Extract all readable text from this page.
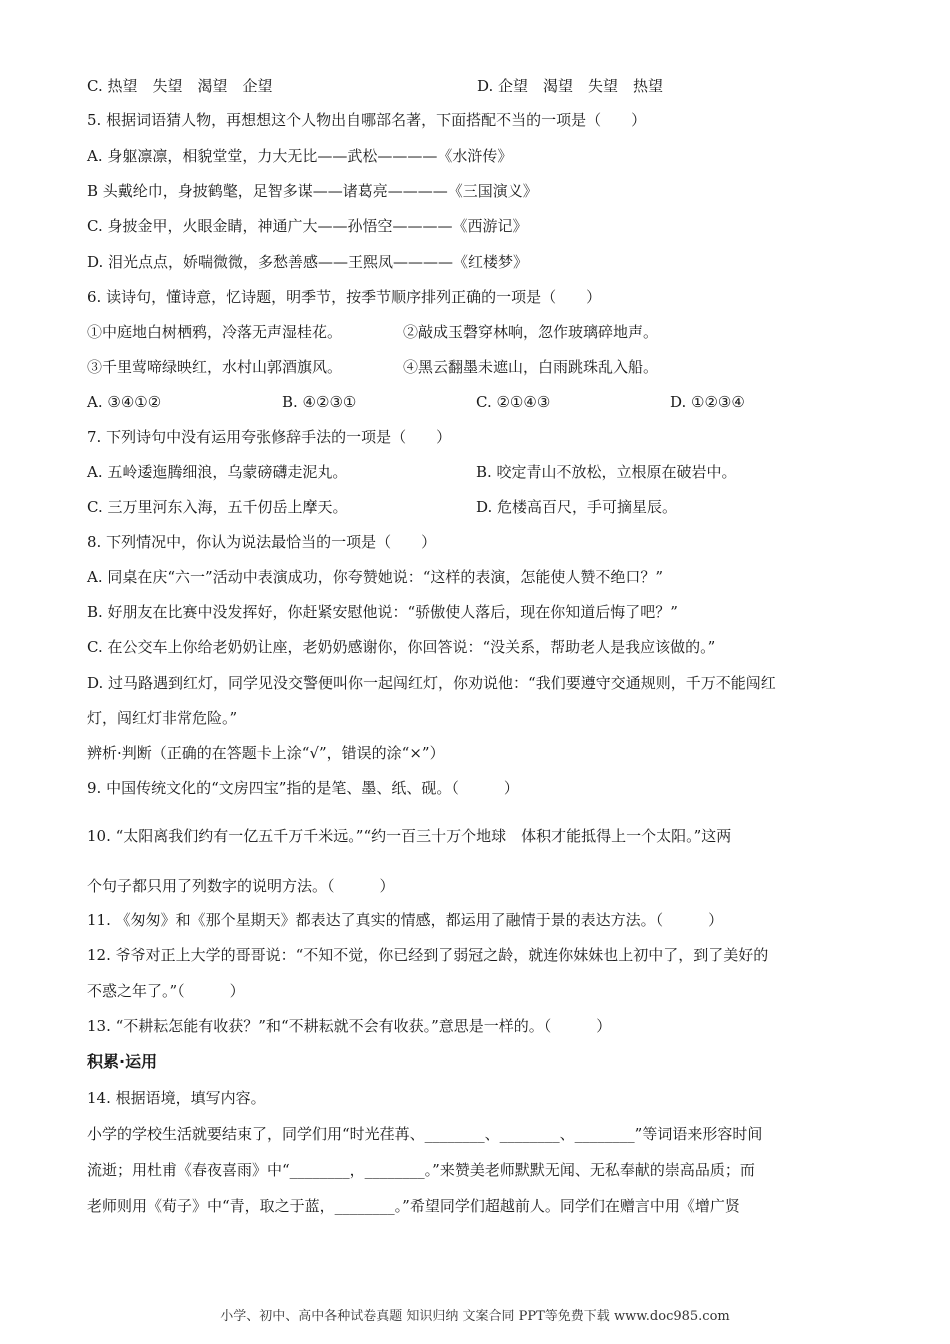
C. 热望　失望　渴望　企望	D. 企望　渴望　失望　热望
5. 根据词语猜人物，再想想这个人物出自哪部名著，下面搭配不当的一项是（　　）
A. 身躯凛凛，相貌堂堂，力大无比——武松————《水浒传》
B 头戴纶巾，身披鹤氅，足智多谋——诸葛亮————《三国演义》
C. 身披金甲，火眼金睛，神通广大——孙悟空————《西游记》
D. 泪光点点，娇喘微微，多愁善感——王熙凤————《红楼梦》
6. 读诗句，懂诗意，忆诗题，明季节，按季节顺序排列正确的一项是（　　）
①中庭地白树栖鸦，冷落无声湿桂花。	②敲成玉磬穿林响，忽作玻璃碎地声。
③千里莺啼绿映红，水村山郭酒旗风。	④黑云翻墨未遮山，白雨跳珠乱入船。
A. ③④①②	B. ④②③①	C. ②①④③	D. ①②③④
7. 下列诗句中没有运用夸张修辞手法的一项是（　　）
A. 五岭逶迤腾细浪，乌蒙磅礴走泥丸。	B. 咬定青山不放松，立根原在破岩中。
C. 三万里河东入海，五千仞岳上摩天。	D. 危楼高百尺，手可摘星辰。
8. 下列情况中，你认为说法最恰当的一项是（　　）
A. 同桌在庆“六一”活动中表演成功，你夸赞她说：“这样的表演，怎能使人赞不绝口？”
B. 好朋友在比赛中没发挥好，你赶紧安慰他说：“骄傲使人落后，现在你知道后悔了吧？”
C. 在公交车上你给老奶奶让座，老奶奶感谢你，你回答说：“没关系，帮助老人是我应该做的。”
D. 过马路遇到红灯，同学见没交警便叫你一起闯红灯，你劝说他：“我们要遵守交通规则，千万不能闯红
灯，闯红灯非常危险。”
辨析·判断（正确的在答题卡上涂“√”，错误的涂“×”）
9. 中国传统文化的“文房四宝”指的是笔、墨、纸、砚。（　　　）
10. “太阳离我们约有一亿五千万千米远。”“约一百三十万个地球　体积才能抵得上一个太阳。”这两
个句子都只用了列数字的说明方法。（　　　）
11. 《匆匆》和《那个星期天》都表达了真实的情感，都运用了融情于景的表达方法。（　　　）
12. 爷爷对正上大学的哥哥说：“不知不觉，你已经到了弱冠之龄，就连你妹妹也上初中了，到了美好的
不惑之年了。”（　　　）
13. “不耕耘怎能有收获？”和“不耕耘就不会有收获。”意思是一样的。（　　　）
积累·运用
14. 根据语境，填写内容。
小学的学校生活就要结束了，同学们用“时光荏苒、________、________、________”等词语来形容时间
流逝；用杜甫《春夜喜雨》中“________，________。”来赞美老师默默无闻、无私奉献的崇高品质；而
老师则用《荀子》中“青，取之于蓝，________。”希望同学们超越前人。同学们在赠言中用《增广贤
小学、初中、高中各种试卷真题 知识归纳 文案合同 PPT等免费下载 www.doc985.com
